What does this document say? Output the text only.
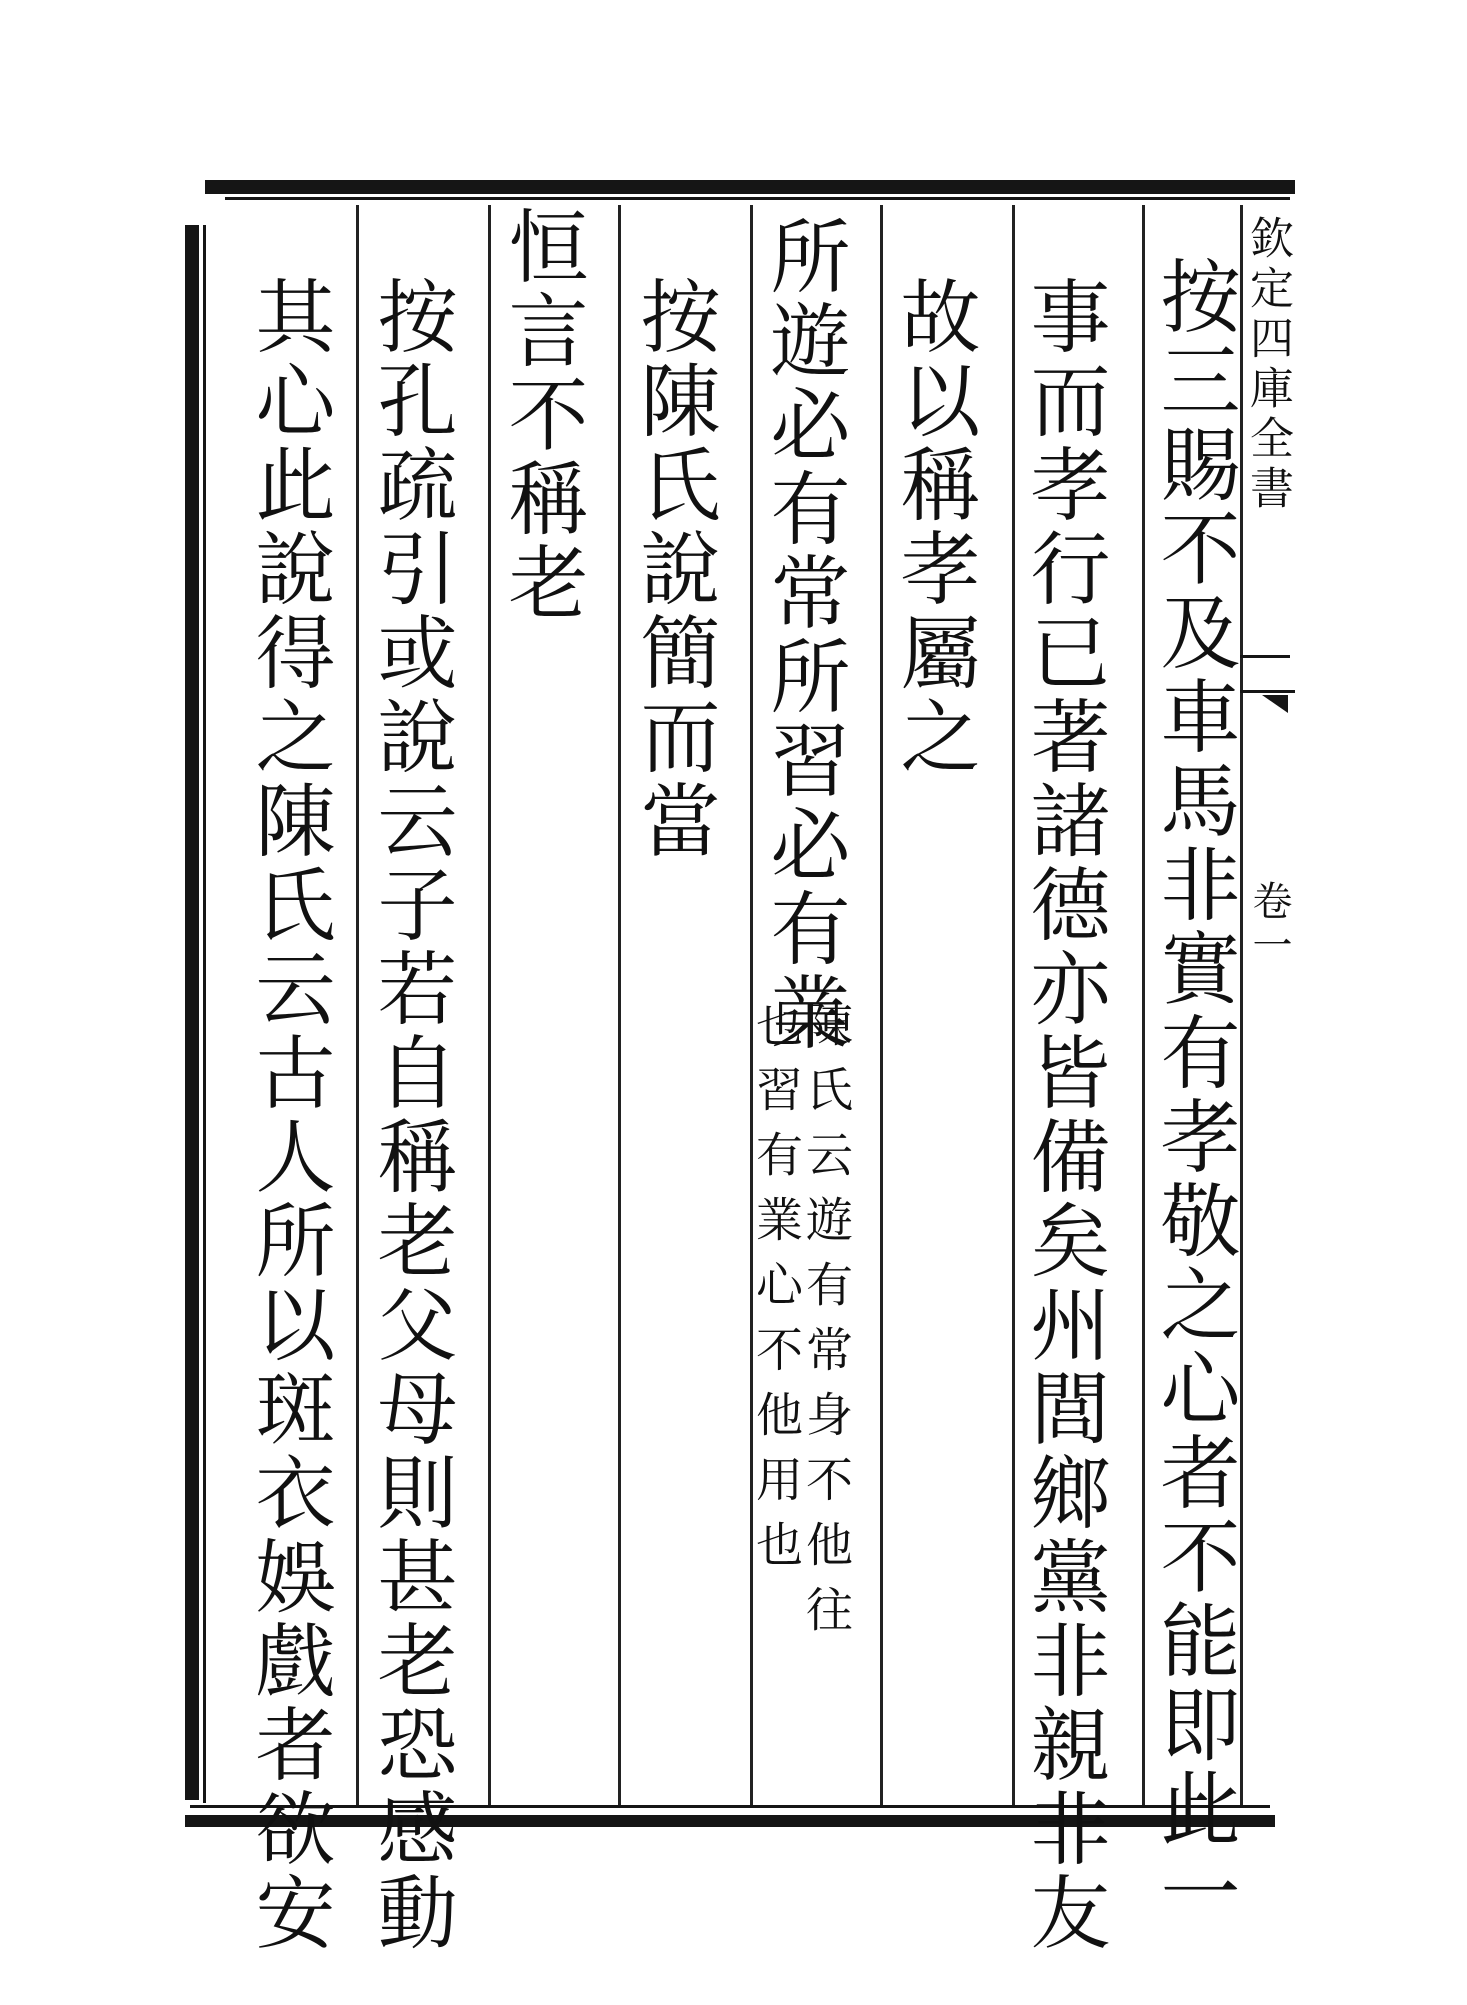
欽定四庫全書
卷一
按三賜不及車馬非實有孝敬之心者不能即此一
事而孝行已著諸德亦皆備矣州閭鄉黨非親非友
故以稱孝屬之
所遊必有常所習必有業
陳氏云遊有常身不他往
也習有業心不他用也
按陳氏說簡而當
恒言不稱老
按孔疏引或說云子若自稱老父母則甚老恐感動
其心此說得之陳氏云古人所以斑衣娛戲者欲安
